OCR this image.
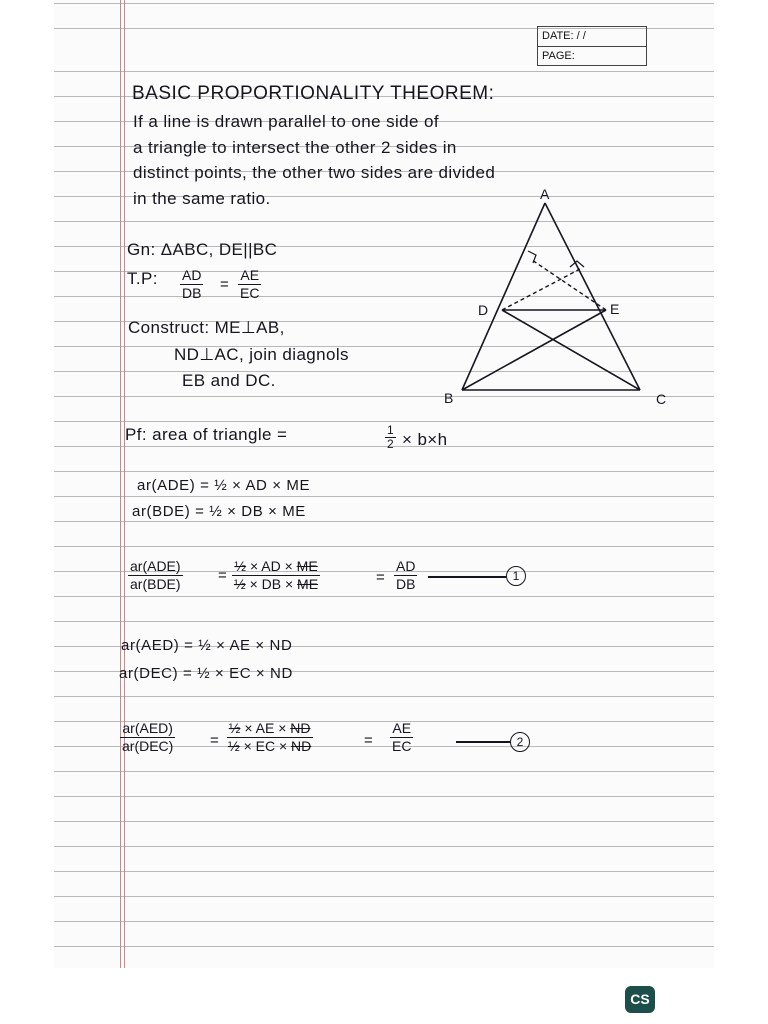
DATE: / /
PAGE:
BASIC PROPORTIONALITY THEOREM:
If a line is drawn parallel to one side of
a triangle to intersect the other 2 sides in
distinct points, the other two sides are divided
in the same ratio.
Gn: ΔABC, DE||BC
T.P: $\frac{AD}{DB} = \frac{AE}{EC}$
Construct: ME⊥AB,
ND⊥AC, join diagnols
EB and DC.
A
B	C
D	E
Pf: area of triangle =	$\frac{1}{2} \times b\times h$
ar(ADE) = ½ × AD × ME
ar(BDE) = ½ × DB × ME
ar(ADE)
$ar(BDE) = \frac{\text{½ × AD × ME}}{\text{½ × DB × ME}}$	= $\frac{AD}{DB}$	1
ar(AED) = ½ × AE × ND
ar(DEC) = ½ × EC × ND
ar(AED)
$ar(DEC) = \frac{\text{½ × AE × ND}}{\text{½ × EC × ND}}$	= $\frac{AE}{EC}$	2
CS
